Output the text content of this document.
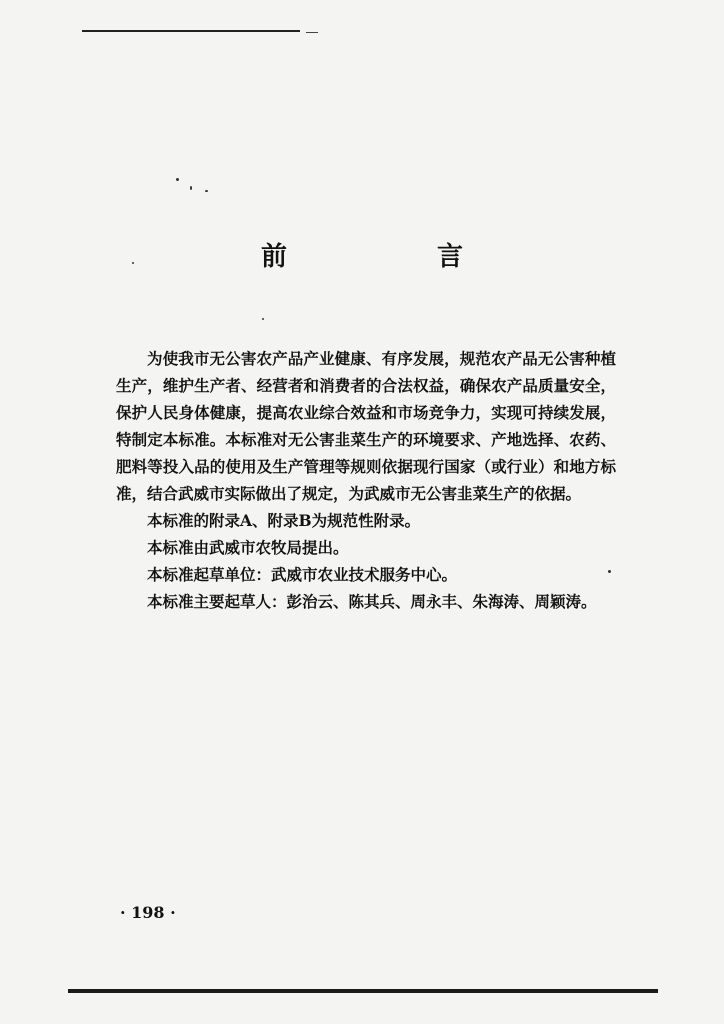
前　言

为使我市无公害农产品产业健康、有序发展，规范农产品无公害种植生产，维护生产者、经营者和消费者的合法权益，确保农产品质量安全，保护人民身体健康，提高农业综合效益和市场竞争力，实现可持续发展，特制定本标准。本标准对无公害韭菜生产的环境要求、产地选择、农药、肥料等投入品的使用及生产管理等规则依据现行国家（或行业）和地方标准，结合武威市实际做出了规定，为武威市无公害韭菜生产的依据。

本标准的附录A、附录B为规范性附录。

本标准由武威市农牧局提出。

本标准起草单位：武威市农业技术服务中心。

本标准主要起草人：彭治云、陈其兵、周永丰、朱海涛、周颖涛。

· 198 ·
